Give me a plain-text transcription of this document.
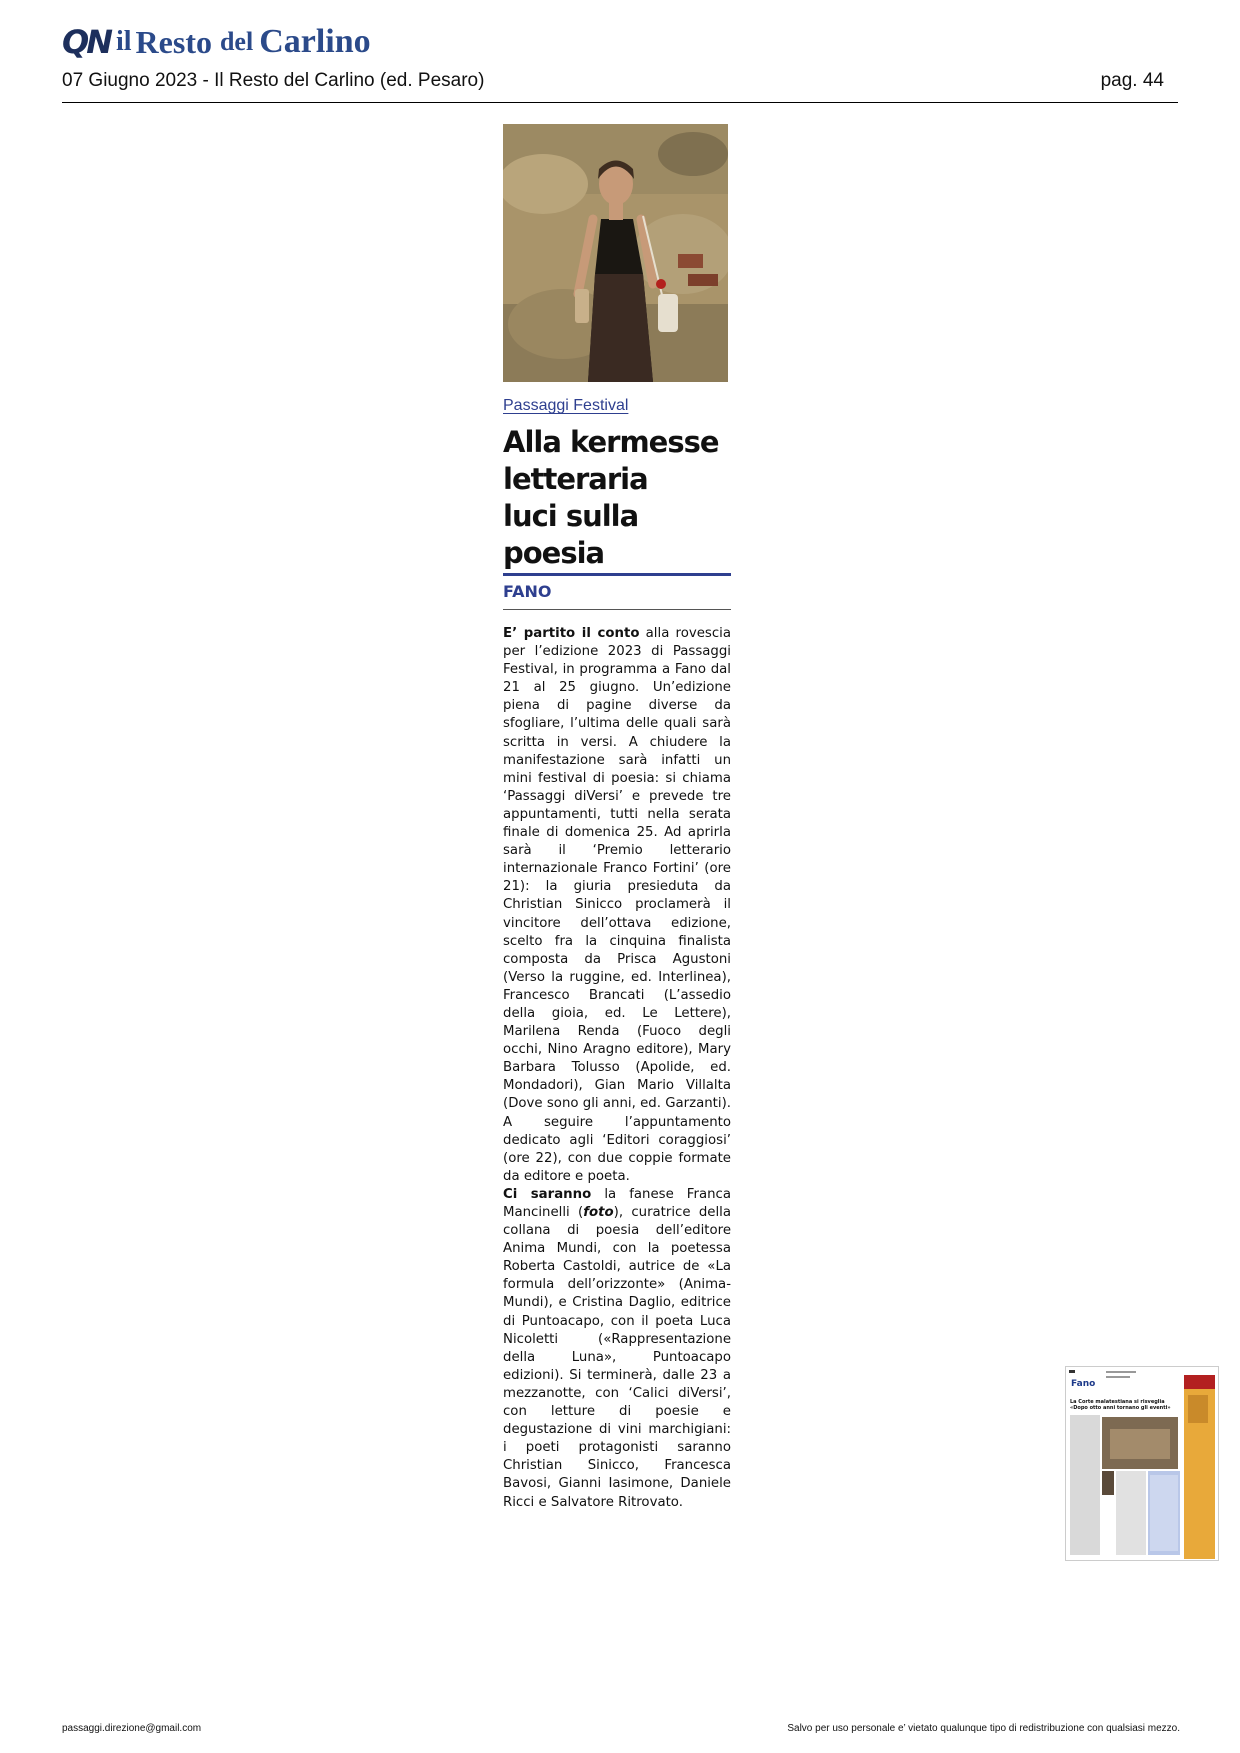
QN il Resto del Carlino
07 Giugno 2023 - Il Resto del Carlino (ed. Pesaro)	pag. 44
Passaggi Festival
Alla kermesse
letteraria
luci sulla poesia
FANO

E’ partito il conto alla rovescia per l’edizione 2023 di Passaggi Festival, in programma a Fano dal 21 al 25 giugno. Un’edizione piena di pagine diverse da sfogliare, l’ultima delle quali sarà scritta in versi. A chiudere la manifestazione sarà infatti un mini festival di poesia: si chiama ‘Passaggi diVersi’ e prevede tre appuntamenti, tutti nella serata finale di domenica 25. Ad aprirla sarà il ‘Premio letterario internazionale Franco Fortini’ (ore 21): la giuria presieduta da Christian Sinicco proclamerà il vincitore dell’ottava edizione, scelto fra la cinquina finalista composta da Prisca Agustoni (Verso la ruggine, ed. Interlinea), Francesco Brancati (L’assedio della gioia, ed. Le Lettere), Marilena Renda (Fuoco degli occhi, Nino Aragno editore), Mary Barbara Tolusso (Apolide, ed. Mondadori), Gian Mario Villalta (Dove sono gli anni, ed. Garzanti). A seguire l’appuntamento dedicato agli ‘Editori coraggiosi’ (ore 22), con due coppie formate da editore e poeta.

Ci saranno la fanese Franca Mancinelli (foto), curatrice della collana di poesia dell’editore Anima Mundi, con la poetessa Roberta Castoldi, autrice de «La formula dell’orizzonte» (Anima-Mundi), e Cristina Daglio, editrice di Puntoacapo, con il poeta Luca Nicoletti («Rappresentazione della Luna», Puntoacapo edizioni). Si terminerà, dalle 23 a mezzanotte, con ‘Calici diVersi’, con letture di poesie e degustazione di vini marchigiani: i poeti protagonisti saranno Christian Sinicco, Francesca Bavosi, Gianni Iasimone, Daniele Ricci e Salvatore Ritrovato.

Fano
La Corte malatestiana si risveglia
«Dopo otto anni tornano gli eventi»
passaggi.direzione@gmail.com	Salvo per uso personale e’ vietato qualunque tipo di redistribuzione con qualsiasi mezzo.
